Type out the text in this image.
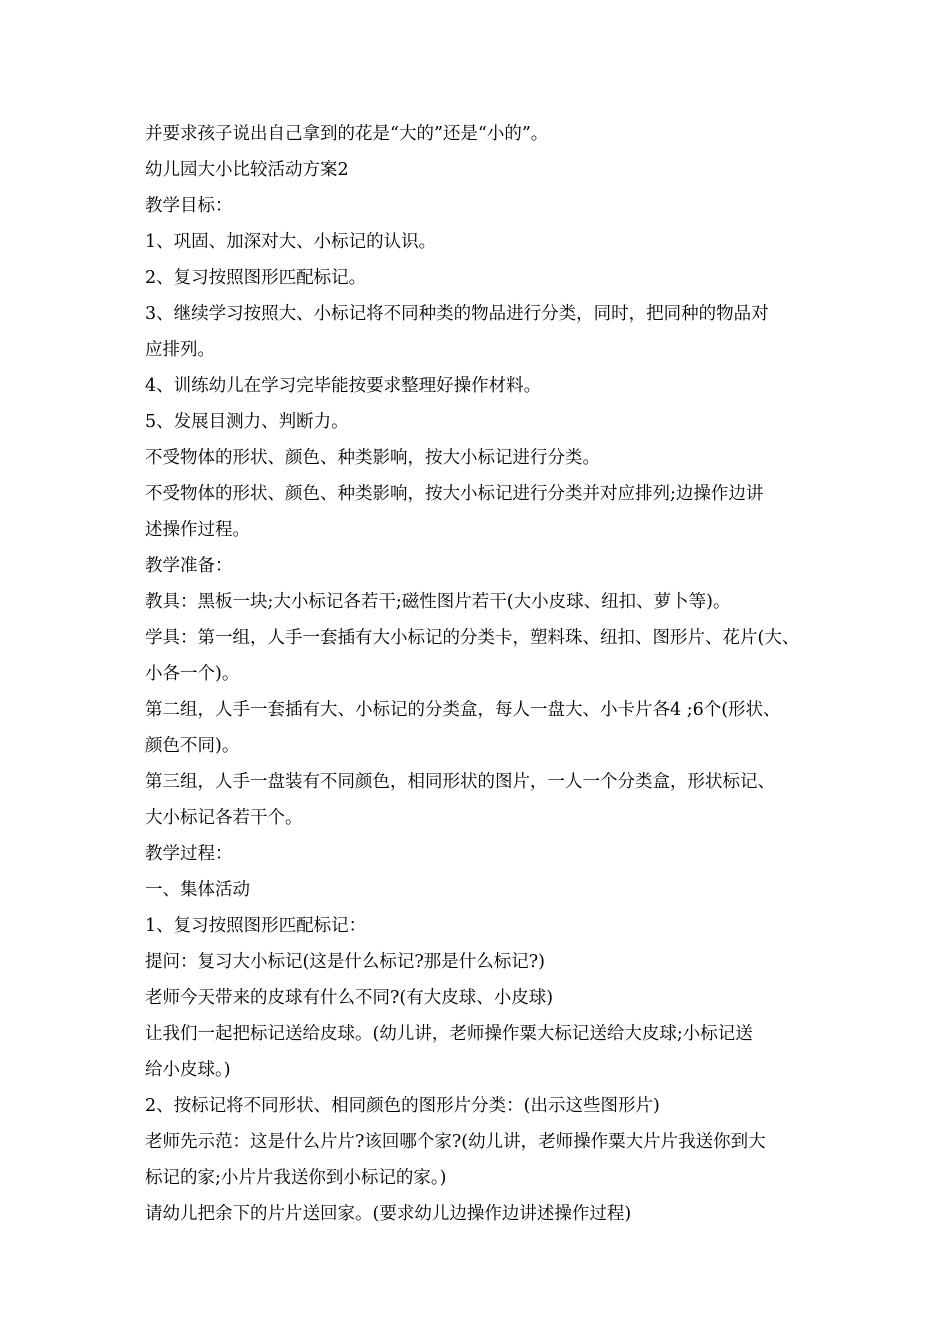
并要求孩子说出自己拿到的花是“大的”还是“小的”。

幼儿园大小比较活动方案2

教学目标：

1、巩固、加深对大、小标记的认识。

2、复习按照图形匹配标记。

3、继续学习按照大、小标记将不同种类的物品进行分类，同时，把同种的物品对

应排列。

4、训练幼儿在学习完毕能按要求整理好操作材料。

5、发展目测力、判断力。

不受物体的形状、颜色、种类影响，按大小标记进行分类。

不受物体的形状、颜色、种类影响，按大小标记进行分类并对应排列;边操作边讲

述操作过程。

教学准备：

教具：黑板一块;大小标记各若干;磁性图片若干(大小皮球、纽扣、萝卜等)。

学具：第一组，人手一套插有大小标记的分类卡，塑料珠、纽扣、图形片、花片(大、

小各一个)。

第二组，人手一套插有大、小标记的分类盒，每人一盘大、小卡片各4 ;6个(形状、

颜色不同)。

第三组，人手一盘装有不同颜色，相同形状的图片，一人一个分类盒，形状标记、

大小标记各若干个。

教学过程：

一、集体活动

1、复习按照图形匹配标记：

提问：复习大小标记(这是什么标记?那是什么标记?)

老师今天带来的皮球有什么不同?(有大皮球、小皮球)

让我们一起把标记送给皮球。(幼儿讲，老师操作粟大标记送给大皮球;小标记送

给小皮球。)

2、按标记将不同形状、相同颜色的图形片分类：(出示这些图形片)

老师先示范：这是什么片片?该回哪个家?(幼儿讲，老师操作粟大片片我送你到大

标记的家;小片片我送你到小标记的家。)

请幼儿把余下的片片送回家。(要求幼儿边操作边讲述操作过程)
